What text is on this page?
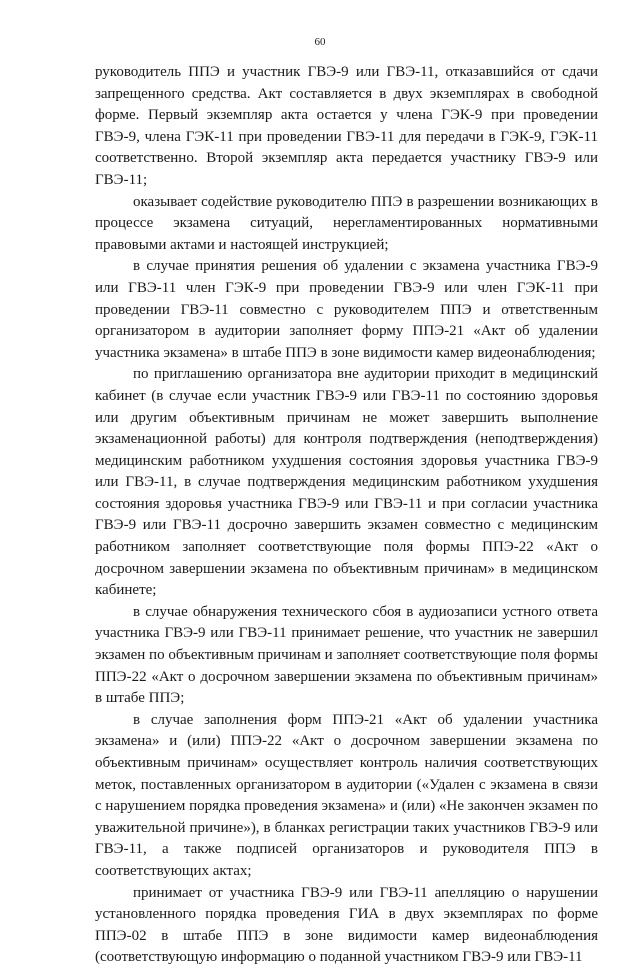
60

руководитель ППЭ и участник ГВЭ-9 или ГВЭ-11, отказавшийся от сдачи запрещенного средства. Акт составляется в двух экземплярах в свободной форме. Первый экземпляр акта остается у члена ГЭК-9 при проведении ГВЭ-9, члена ГЭК-11 при проведении ГВЭ-11 для передачи в ГЭК-9, ГЭК-11 соответственно. Второй экземпляр акта передается участнику ГВЭ-9 или ГВЭ-11;

оказывает содействие руководителю ППЭ в разрешении возникающих в процессе экзамена ситуаций, нерегламентированных нормативными правовыми актами и настоящей инструкцией;

в случае принятия решения об удалении с экзамена участника ГВЭ-9 или ГВЭ-11 член ГЭК-9 при проведении ГВЭ-9 или член ГЭК-11 при проведении ГВЭ-11 совместно с руководителем ППЭ и ответственным организатором в аудитории заполняет форму ППЭ-21 «Акт об удалении участника экзамена» в штабе ППЭ в зоне видимости камер видеонаблюдения;

по приглашению организатора вне аудитории приходит в медицинский кабинет (в случае если участник ГВЭ-9 или ГВЭ-11 по состоянию здоровья или другим объективным причинам не может завершить выполнение экзаменационной работы) для контроля подтверждения (неподтверждения) медицинским работником ухудшения состояния здоровья участника ГВЭ-9 или ГВЭ-11, в случае подтверждения медицинским работником ухудшения состояния здоровья участника ГВЭ-9 или ГВЭ-11 и при согласии участника ГВЭ-9 или ГВЭ-11 досрочно завершить экзамен совместно с медицинским работником заполняет соответствующие поля формы ППЭ-22 «Акт о досрочном завершении экзамена по объективным причинам» в медицинском кабинете;

в случае обнаружения технического сбоя в аудиозаписи устного ответа участника ГВЭ-9 или ГВЭ-11 принимает решение, что участник не завершил экзамен по объективным причинам и заполняет соответствующие поля формы ППЭ-22 «Акт о досрочном завершении экзамена по объективным причинам» в штабе ППЭ;

в случае заполнения форм ППЭ-21 «Акт об удалении участника экзамена» и (или) ППЭ-22 «Акт о досрочном завершении экзамена по объективным причинам» осуществляет контроль наличия соответствующих меток, поставленных организатором в аудитории («Удален с экзамена в связи с нарушением порядка проведения экзамена» и (или) «Не закончен экзамен по уважительной причине»), в бланках регистрации таких участников ГВЭ-9 или ГВЭ-11, а также подписей организаторов и руководителя ППЭ в соответствующих актах;

принимает от участника ГВЭ-9 или ГВЭ-11 апелляцию о нарушении установленного порядка проведения ГИА в двух экземплярах по форме ППЭ-02 в штабе ППЭ в зоне видимости камер видеонаблюдения (соответствующую информацию о поданной участником ГВЭ-9 или ГВЭ-11
